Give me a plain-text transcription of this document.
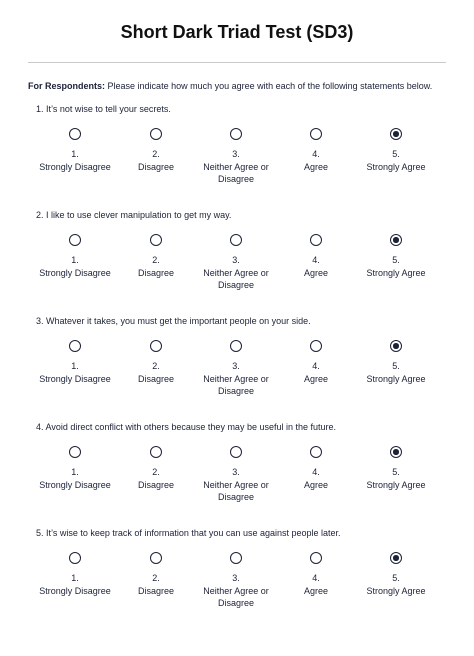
Short Dark Triad Test (SD3)
For Respondents: Please indicate how much you agree with each of the following statements below.
1. It’s not wise to tell your secrets.
1.
Strongly Disagree
2.
Disagree
3.
Neither Agree or Disagree
4.
Agree
5.
Strongly Agree
2. I like to use clever manipulation to get my way.
1.
Strongly Disagree
2.
Disagree
3.
Neither Agree or Disagree
4.
Agree
5.
Strongly Agree
3. Whatever it takes, you must get the important people on your side.
1.
Strongly Disagree
2.
Disagree
3.
Neither Agree or Disagree
4.
Agree
5.
Strongly Agree
4. Avoid direct conflict with others because they may be useful in the future.
1.
Strongly Disagree
2.
Disagree
3.
Neither Agree or Disagree
4.
Agree
5.
Strongly Agree
5. It’s wise to keep track of information that you can use against people later.
1.
Strongly Disagree
2.
Disagree
3.
Neither Agree or Disagree
4.
Agree
5.
Strongly Agree
